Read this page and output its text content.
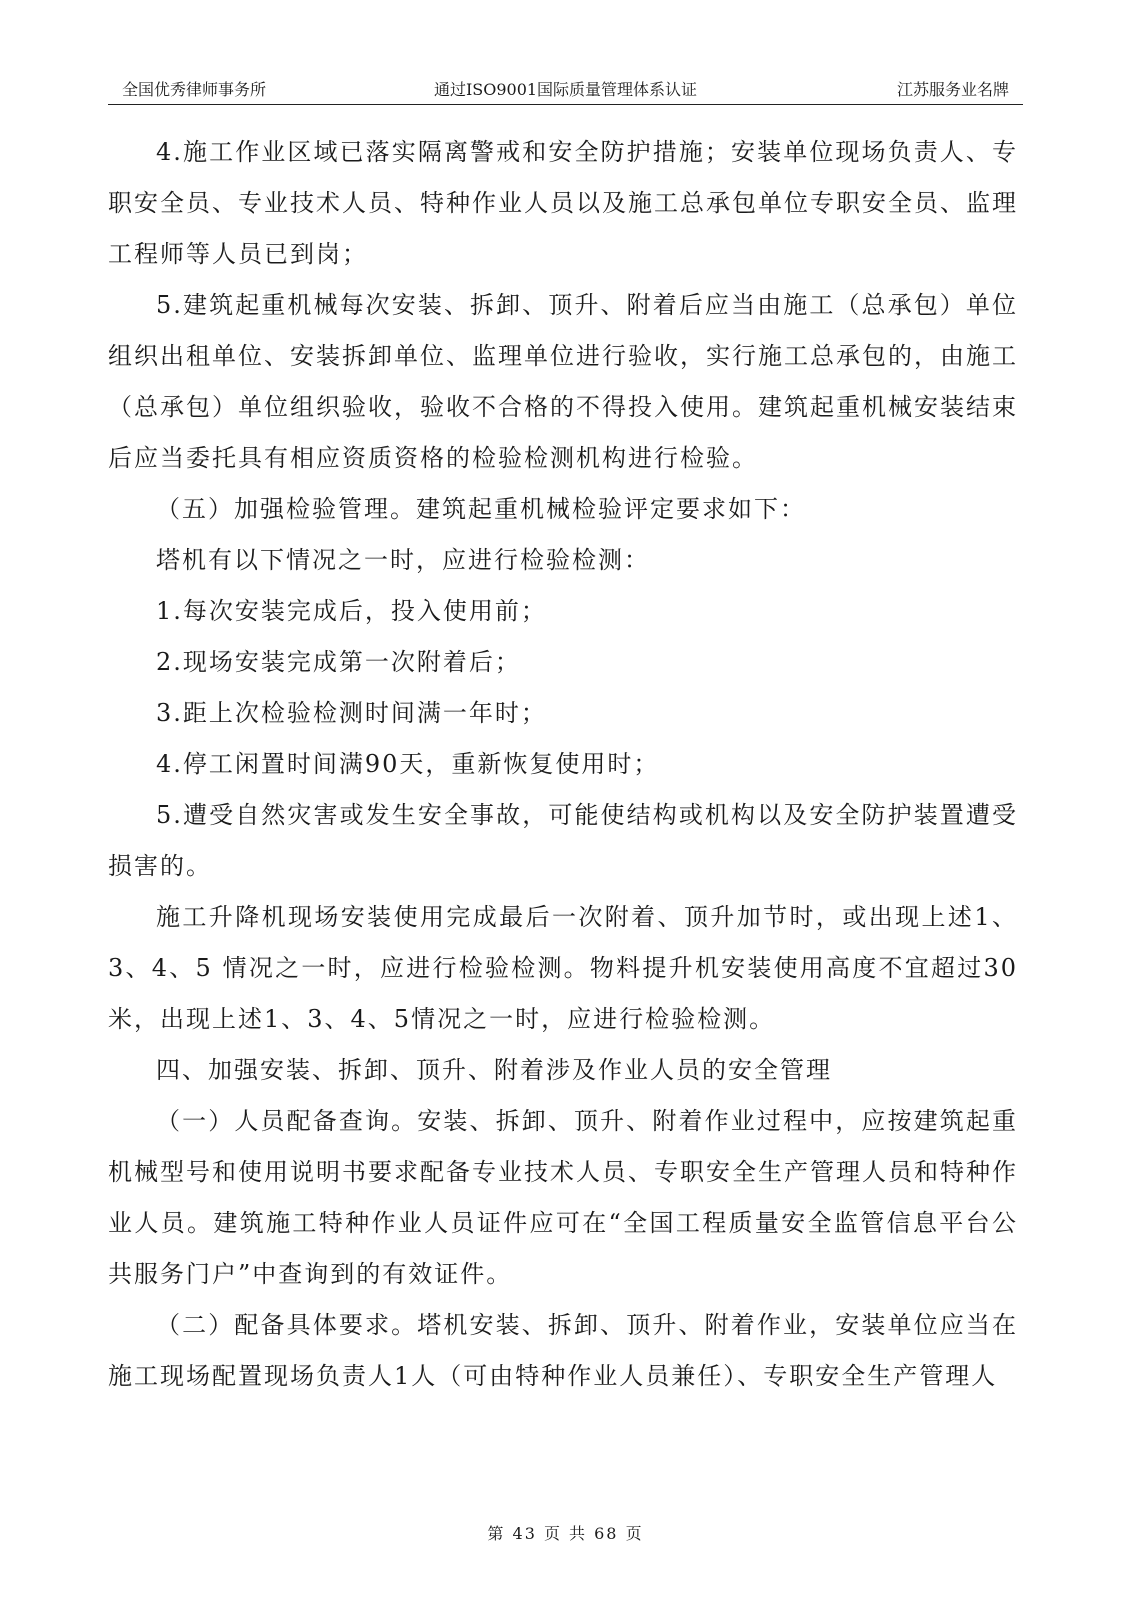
全国优秀律师事务所	通过ISO9001国际质量管理体系认证	江苏服务业名牌

4.施工作业区域已落实隔离警戒和安全防护措施；安装单位现场负责人、专职安全员、专业技术人员、特种作业人员以及施工总承包单位专职安全员、监理工程师等人员已到岗；

5.建筑起重机械每次安装、拆卸、顶升、附着后应当由施工（总承包）单位组织出租单位、安装拆卸单位、监理单位进行验收，实行施工总承包的，由施工（总承包）单位组织验收，验收不合格的不得投入使用。建筑起重机械安装结束后应当委托具有相应资质资格的检验检测机构进行检验。

（五）加强检验管理。建筑起重机械检验评定要求如下：

塔机有以下情况之一时，应进行检验检测：

1.每次安装完成后，投入使用前；

2.现场安装完成第一次附着后；

3.距上次检验检测时间满一年时；

4.停工闲置时间满90天，重新恢复使用时；

5.遭受自然灾害或发生安全事故，可能使结构或机构以及安全防护装置遭受损害的。

施工升降机现场安装使用完成最后一次附着、顶升加节时，或出现上述1、3、4、5 情况之一时，应进行检验检测。物料提升机安装使用高度不宜超过30米，出现上述1、3、4、5情况之一时，应进行检验检测。

四、加强安装、拆卸、顶升、附着涉及作业人员的安全管理

（一）人员配备查询。安装、拆卸、顶升、附着作业过程中，应按建筑起重机械型号和使用说明书要求配备专业技术人员、专职安全生产管理人员和特种作业人员。建筑施工特种作业人员证件应可在“全国工程质量安全监管信息平台公共服务门户”中查询到的有效证件。

（二）配备具体要求。塔机安装、拆卸、顶升、附着作业，安装单位应当在施工现场配置现场负责人1人（可由特种作业人员兼任）、专职安全生产管理人

第 43 页 共 68 页
